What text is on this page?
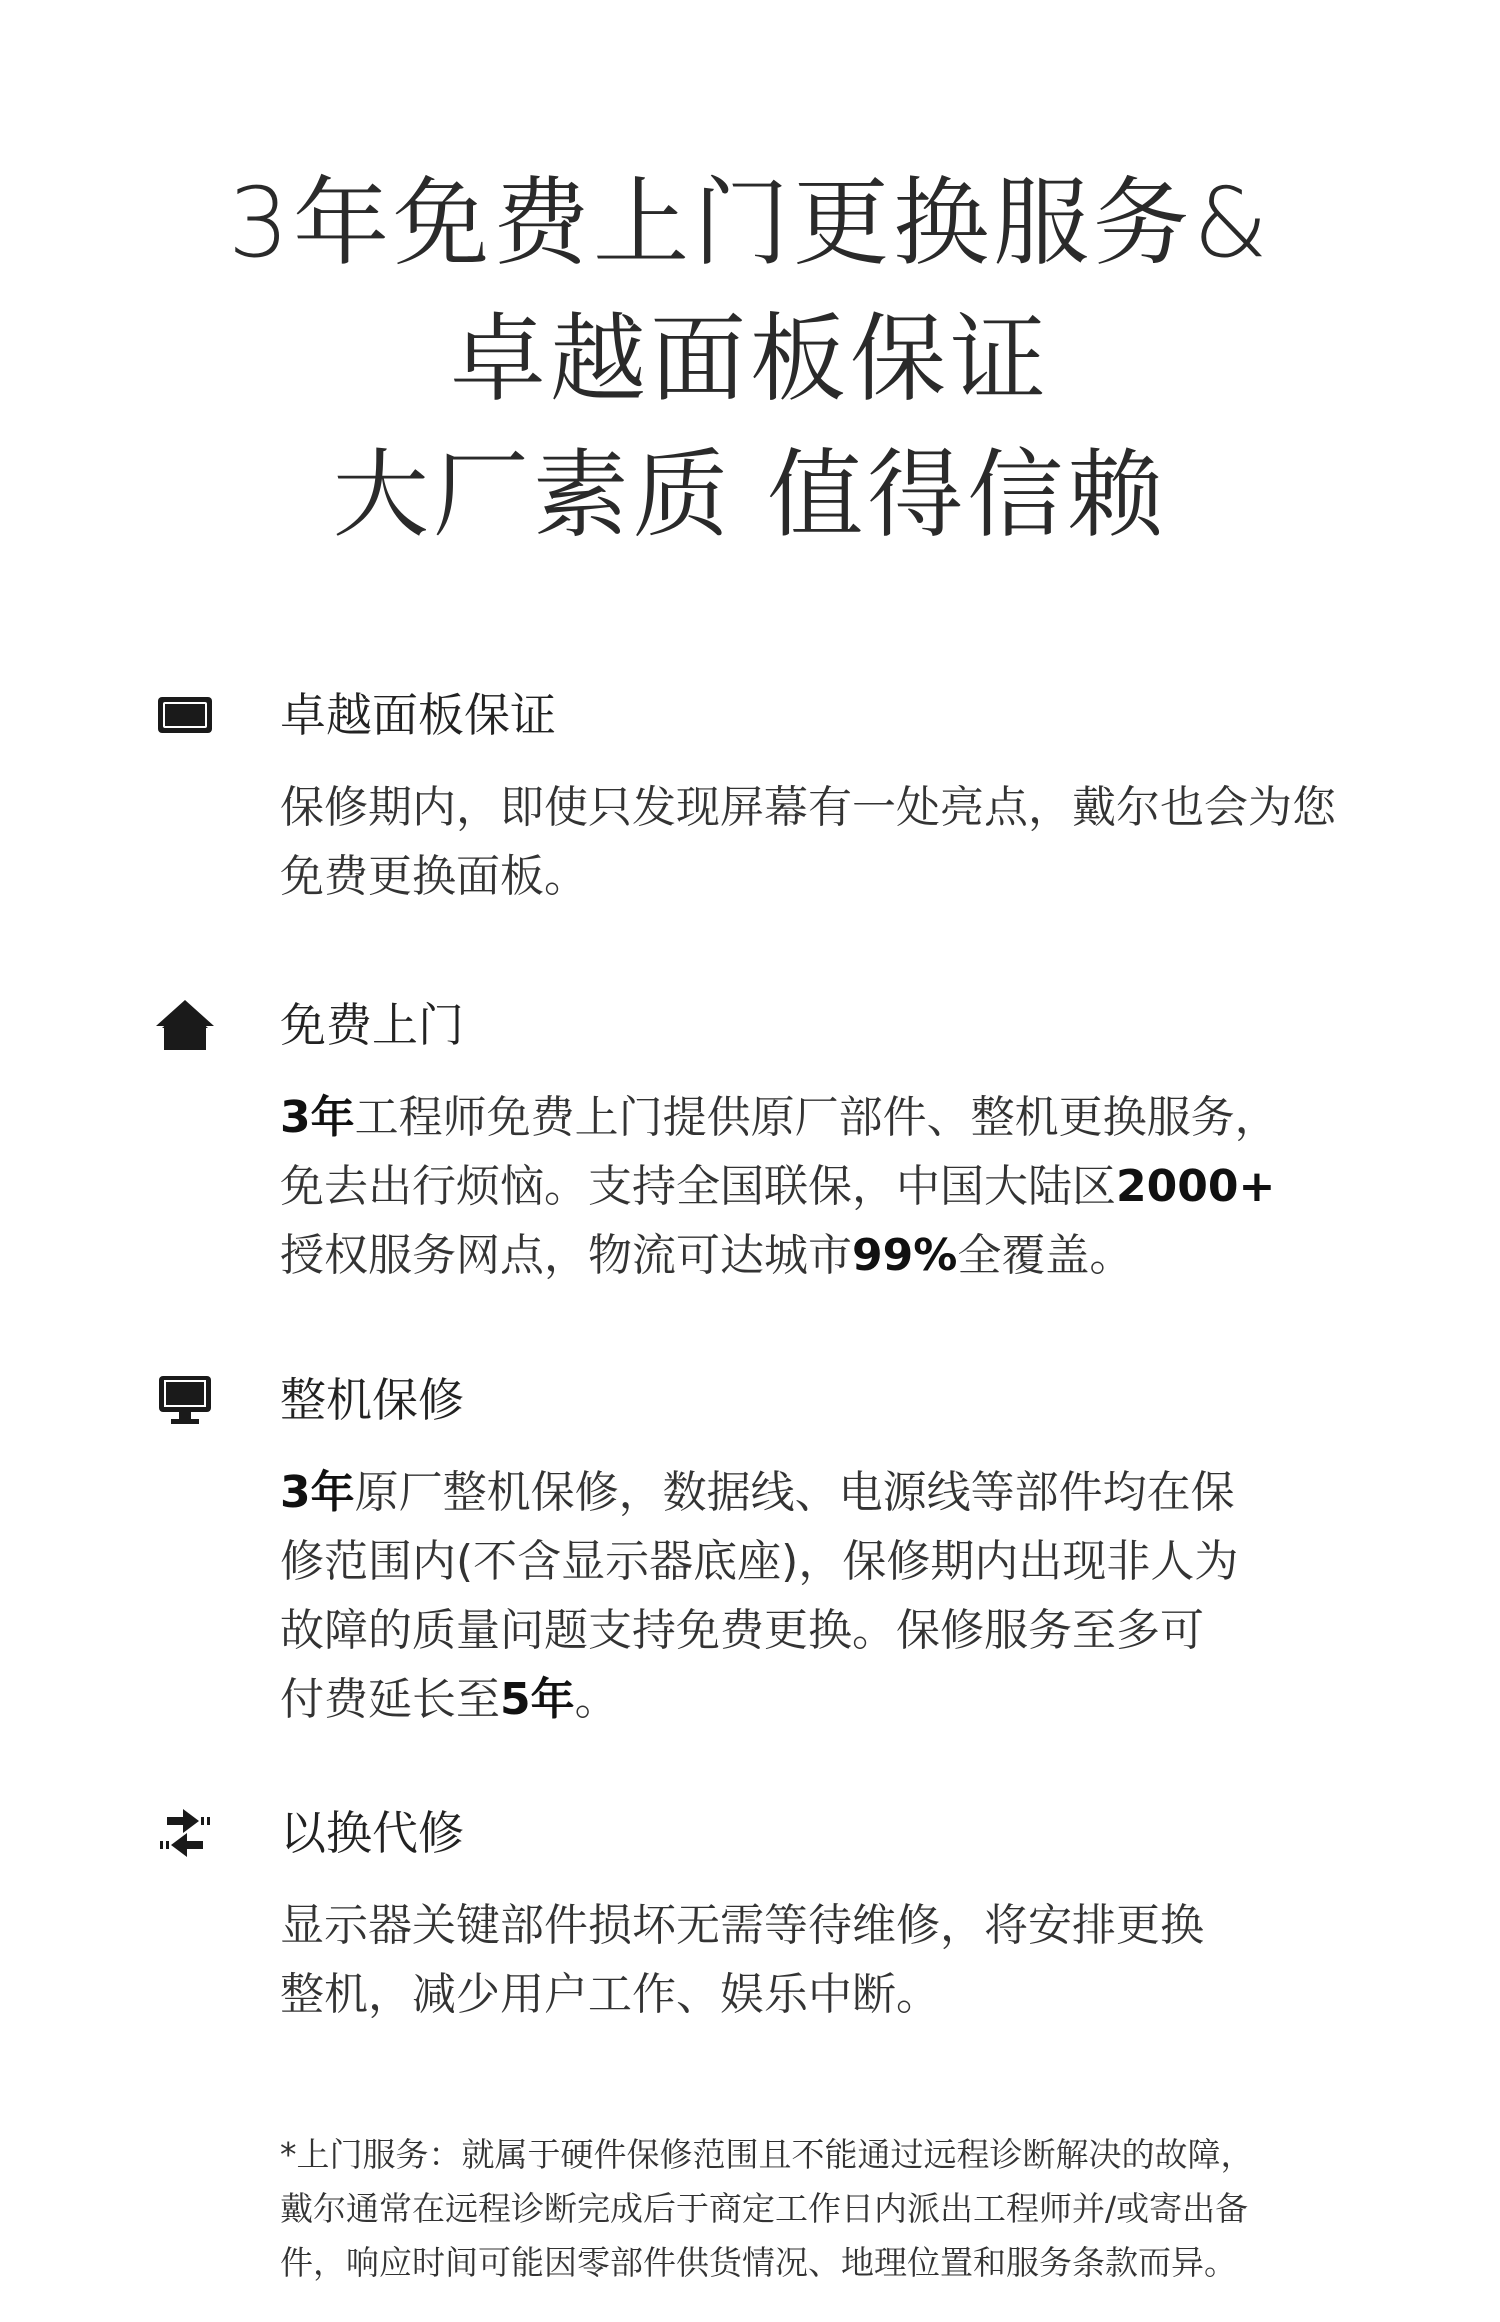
3年免费上门更换服务&
卓越面板保证
大厂素质 值得信赖
卓越面板保证
保修期内，即使只发现屏幕有一处亮点，戴尔也会为您
免费更换面板。
免费上门
3年工程师免费上门提供原厂部件、整机更换服务，
免去出行烦恼。支持全国联保，中国大陆区2000+
授权服务网点，物流可达城市99%全覆盖。
整机保修
3年原厂整机保修，数据线、电源线等部件均在保
修范围内(不含显示器底座)，保修期内出现非人为
故障的质量问题支持免费更换。保修服务至多可
付费延长至5年。
以换代修
显示器关键部件损坏无需等待维修，将安排更换
整机，减少用户工作、娱乐中断。
*上门服务：就属于硬件保修范围且不能通过远程诊断解决的故障，
戴尔通常在远程诊断完成后于商定工作日内派出工程师并/或寄出备
件，响应时间可能因零部件供货情况、地理位置和服务条款而异。
